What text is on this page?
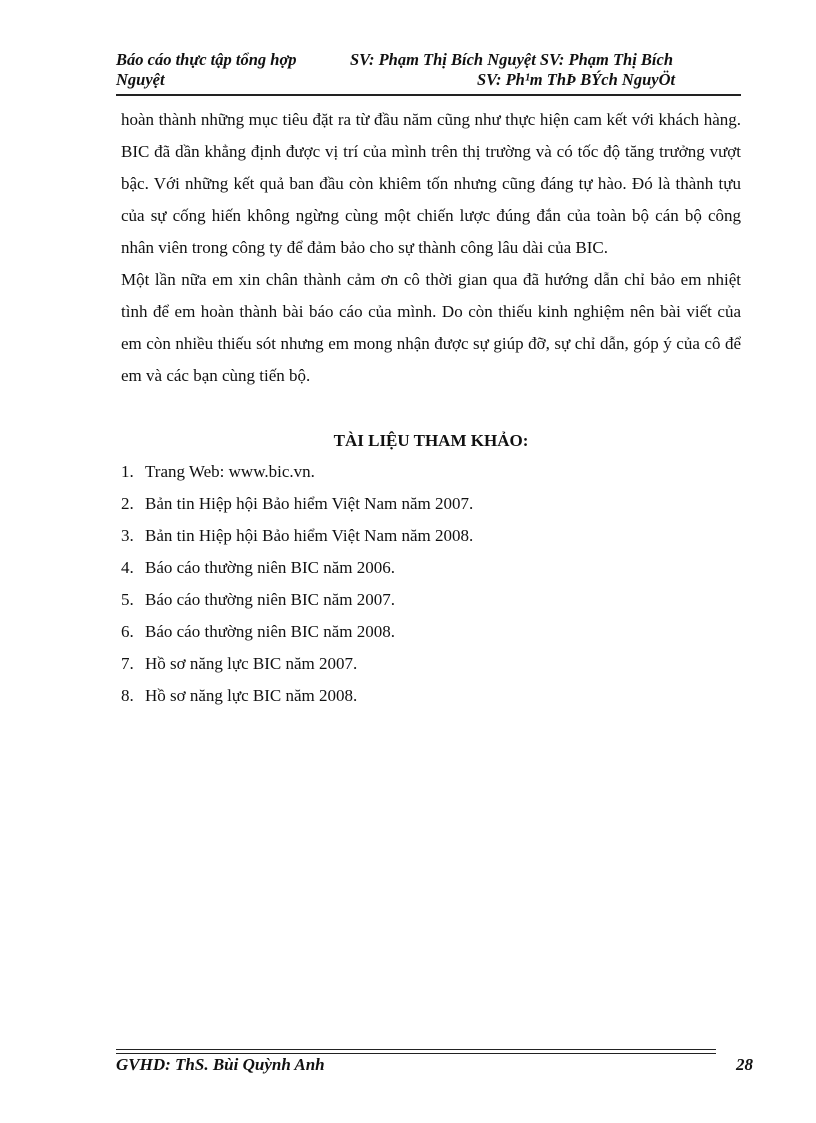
Báo cáo thực tập tổng hợp	SV: Phạm Thị Bích Nguyệt SV: Phạm Thị Bích
Nguyệt	SV: Ph¹m ThÞ BÝch NguyÖt

hoàn thành những mục tiêu đặt ra từ đầu năm cũng như thực hiện cam kết với khách hàng. BIC đã dần khẳng định được vị trí của mình trên thị trường và có tốc độ tăng trưởng vượt bậc. Với những kết quả ban đầu còn khiêm tốn nhưng cũng đáng tự hào. Đó là thành tựu của sự cống hiến không ngừng cùng một chiến lược đúng đắn của toàn bộ cán bộ công nhân viên trong công ty để đảm bảo cho sự thành công lâu dài của BIC.

Một lần nữa em xin chân thành cảm ơn cô thời gian qua đã hướng dẫn chỉ bảo em nhiệt tình để em hoàn thành bài báo cáo của mình. Do còn thiếu kinh nghiệm nên bài viết của em còn nhiều thiếu sót nhưng em mong nhận được sự giúp đỡ, sự chỉ dẫn, góp ý của cô để em và các bạn cùng tiến bộ.

TÀI LIỆU THAM KHẢO:
1. Trang Web: www.bic.vn.
2. Bản tin Hiệp hội Bảo hiểm Việt Nam năm 2007.
3. Bản tin Hiệp hội Bảo hiểm Việt Nam năm 2008.
4. Báo cáo thường niên BIC năm 2006.
5. Báo cáo thường niên BIC năm 2007.
6. Báo cáo thường niên BIC năm 2008.
7. Hồ sơ năng lực BIC năm 2007.
8. Hồ sơ năng lực BIC năm 2008.
GVHD: ThS. Bùi Quỳnh Anh	28
